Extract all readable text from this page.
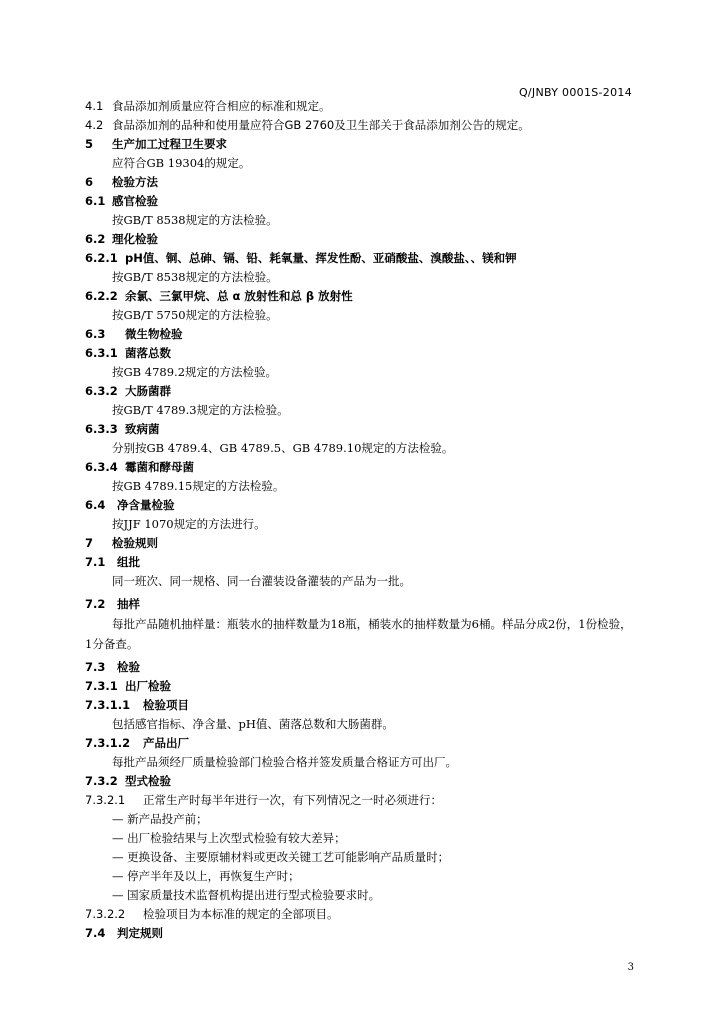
Q/JNBY 0001S-2014
4.1 食品添加剂质量应符合相应的标准和规定。
4.2 食品添加剂的品种和使用量应符合GB 2760及卫生部关于食品添加剂公告的规定。
5 生产加工过程卫生要求
应符合GB 19304的规定。
6 检验方法
6.1 感官检验
按GB/T 8538规定的方法检验。
6.2 理化检验
6.2.1 pH值、铜、总砷、镉、铅、耗氧量、挥发性酚、亚硝酸盐、溴酸盐、、镁和钾
按GB/T 8538规定的方法检验。
6.2.2 余氯、三氯甲烷、总 α 放射性和总 β 放射性
按GB/T 5750规定的方法检验。
6.3 微生物检验
6.3.1 菌落总数
按GB 4789.2规定的方法检验。
6.3.2 大肠菌群
按GB/T 4789.3规定的方法检验。
6.3.3 致病菌
分别按GB 4789.4、GB 4789.5、GB 4789.10规定的方法检验。
6.3.4 霉菌和酵母菌
按GB 4789.15规定的方法检验。
6.4 净含量检验
按JJF 1070规定的方法进行。
7 检验规则
7.1 组批
同一班次、同一规格、同一台灌装设备灌装的产品为一批。
7.2 抽样
每批产品随机抽样量：瓶装水的抽样数量为18瓶，桶装水的抽样数量为6桶。样品分成2份，1份检验，1分备查。
7.3 检验
7.3.1 出厂检验
7.3.1.1 检验项目
包括感官指标、净含量、pH值、菌落总数和大肠菌群。
7.3.1.2 产品出厂
每批产品须经厂质量检验部门检验合格并签发质量合格证方可出厂。
7.3.2 型式检验
7.3.2.1 正常生产时每半年进行一次，有下列情况之一时必须进行：
— 新产品投产前；
— 出厂检验结果与上次型式检验有较大差异；
— 更换设备、主要原辅材料或更改关键工艺可能影响产品质量时；
— 停产半年及以上，再恢复生产时；
— 国家质量技术监督机构提出进行型式检验要求时。
7.3.2.2 检验项目为本标准的规定的全部项目。
7.4 判定规则
3
